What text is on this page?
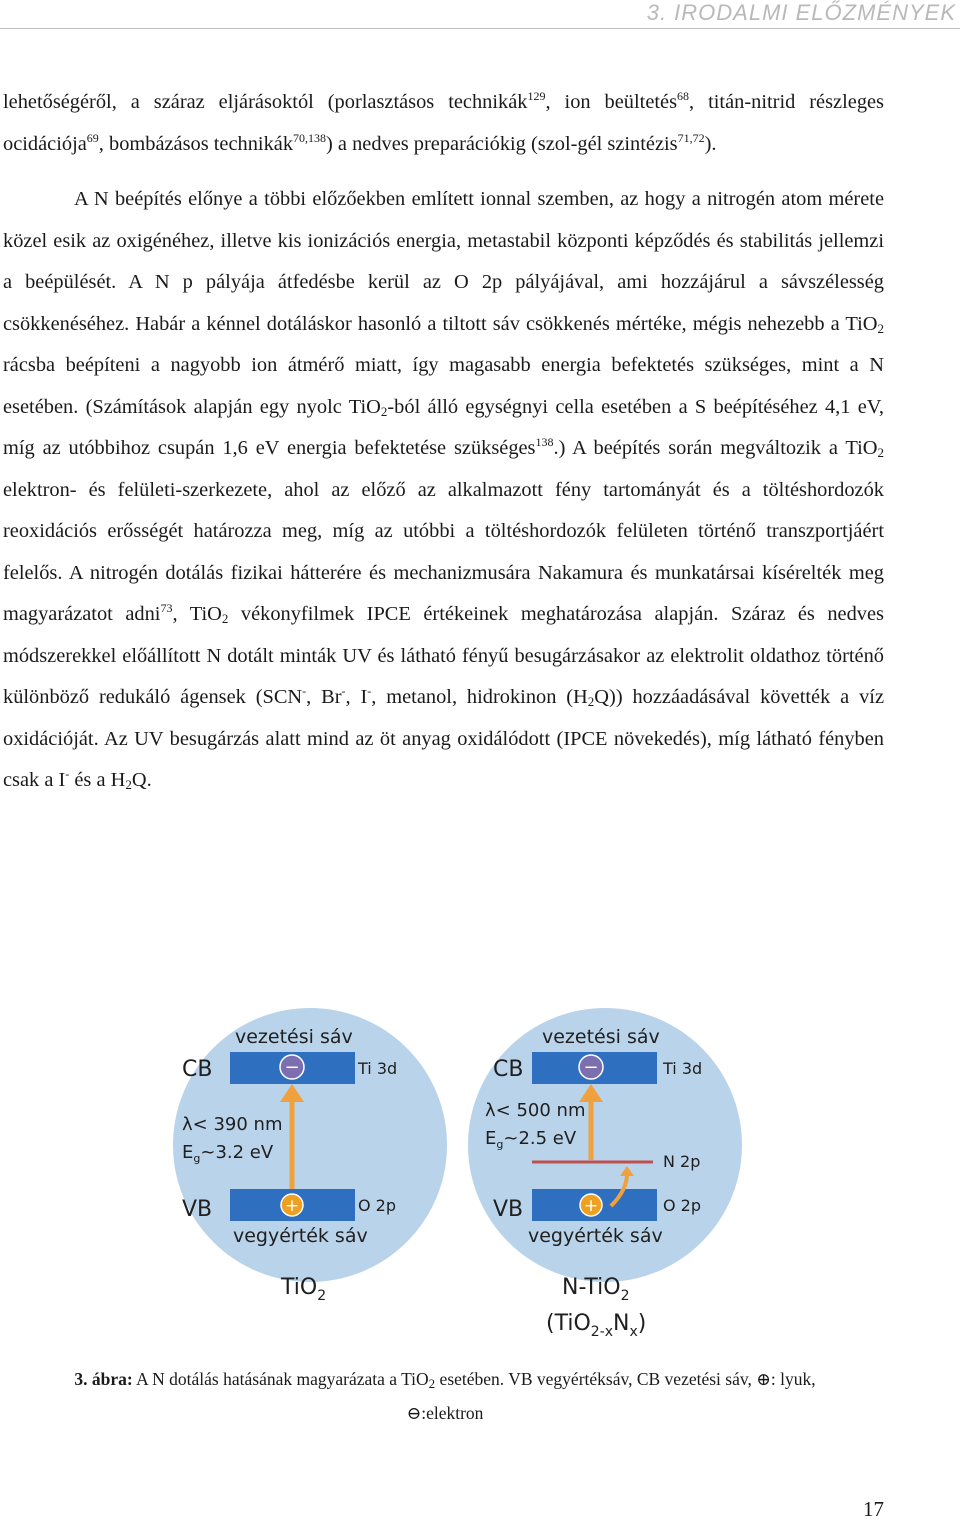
3. IRODALMI ELŐZMÉNYEK

lehetőségéről, a száraz eljárásoktól (porlasztásos technikák$^{129}$, ion beültetés$^{68}$, titán-nitrid részleges ocidációja$^{69}$, bombázásos technikák$^{70,138}$) a nedves preparációkig (szol-gél szintézis$^{71,72}$).

A N beépítés előnye a többi előzőekben említett ionnal szemben, az hogy a nitrogén atom mérete közel esik az oxigénéhez, illetve kis ionizációs energia, metastabil központi képződés és stabilitás jellemzi a beépülését. A N p pályája átfedésbe kerül az O 2p pályájával, ami hozzájárul a sávszélesség csökkenéséhez. Habár a kénnel dotáláskor hasonló a tiltott sáv csökkenés mértéke, mégis nehezebb a TiO$_2$ rácsba beépíteni a nagyobb ion átmérő miatt, így magasabb energia befektetés szükséges, mint a N esetében. (Számítások alapján egy nyolc TiO$_2$-ból álló egységnyi cella esetében a S beépítéséhez 4,1 eV, míg az utóbbihoz csupán 1,6 eV energia befektetése szükséges$^{138}$.) A beépítés során megváltozik a TiO$_2$ elektron- és felületi-szerkezete, ahol az előző az alkalmazott fény tartományát és a töltéshordozók reoxidációs erősségét határozza meg, míg az utóbbi a töltéshordozók felületen történő transzportjáért felelős. A nitrogén dotálás fizikai hátterére és mechanizmusára Nakamura és munkatársai kísérelték meg magyarázatot adni$^{73}$, TiO$_2$ vékonyfilmek IPCE értékeinek meghatározása alapján. Száraz és nedves módszerekkel előállított N dotált minták UV és látható fényű besugárzásakor az elektrolit oldathoz történő különböző redukáló ágensek (SCN-, Br-, I-, metanol, hidrokinon $(H_2Q)$) hozzáadásával követték a víz oxidációját. Az UV besugárzás alatt mind az öt anyag oxidálódott (IPCE növekedés), míg látható fényben csak a I- és a $H_2Q$.

vezetési sáv
CB	Ti 3d
−
λ< 390 nm
$E_g\sim 3.2$ eV
VB	O 2p
+
vegyérték sáv
TiO$_2$
vezetési sáv
CB	Ti 3d
−
λ< 500 nm
$E_g\sim 2.5$ eV
N 2p
VB	O 2p
+
vegyérték sáv
N-TiO$_2$
$(TiO_{2-x}N_x)$
3. ábra: A N dotálás hatásának magyarázata a TiO$_2$ esetében. VB vegyértéksáv, CB vezetési sáv, ⊕: lyuk,
⊖:elektron
17
